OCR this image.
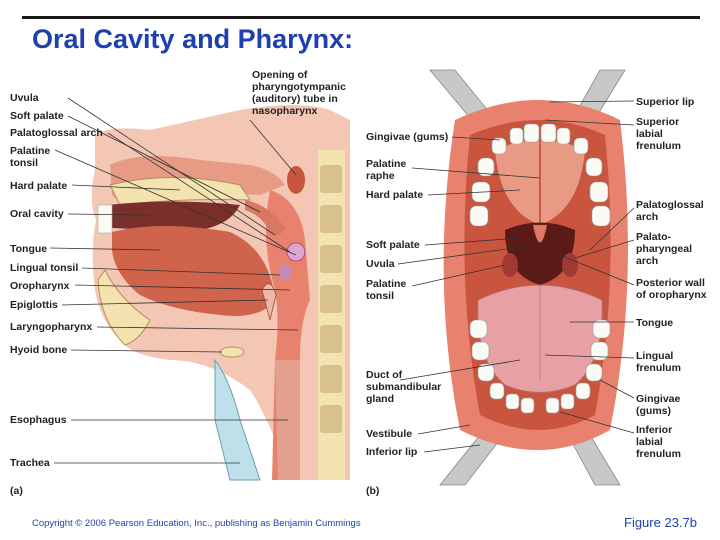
Oral Cavity and Pharynx:
Opening of pharyngotympanic (auditory) tube in nasopharynx
Uvula
Soft palate
Palatoglossal arch
Palatine tonsil
Hard palate
Oral cavity
Tongue
Lingual tonsil
Oropharynx
Epiglottis
Laryngopharynx
Hyoid bone
Esophagus
Trachea
(a)
Gingivae (gums)
Palatine raphe
Hard palate
Soft palate
Uvula
Palatine tonsil
Duct of submandibular gland
Vestibule
Inferior lip
(b)
Superior lip
Superior labial frenulum
Palatoglossal arch
Palato- pharyngeal arch
Posterior wall of oropharynx
Tongue
Lingual frenulum
Gingivae (gums)
Inferior labial frenulum
Copyright © 2006 Pearson Education, Inc., publishing as Benjamin Cummings	Figure 23.7b
